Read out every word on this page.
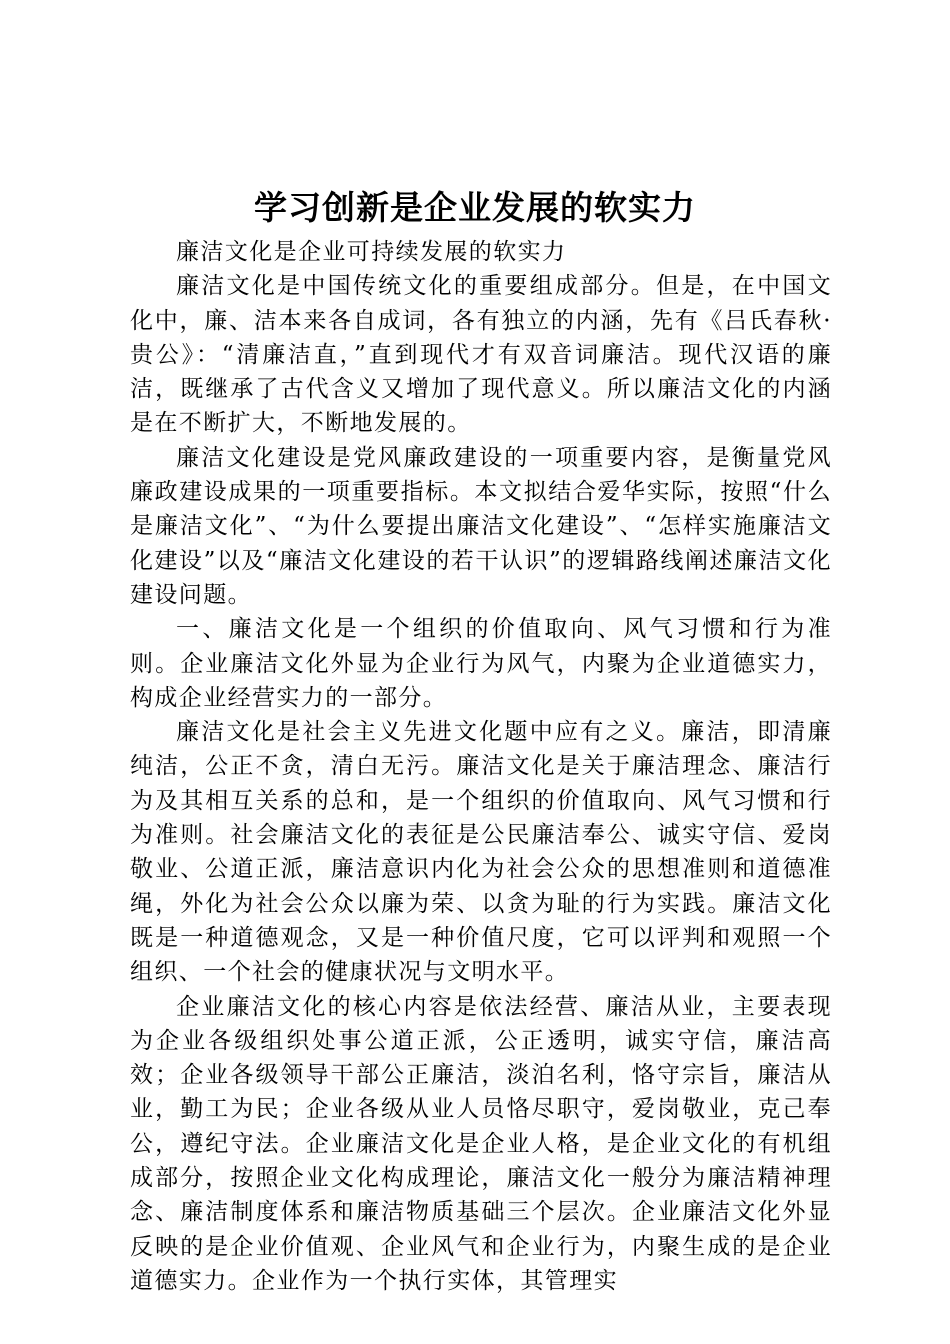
学习创新是企业发展的软实力

廉洁文化是企业可持续发展的软实力

廉洁文化是中国传统文化的重要组成部分。但是，在中国文化中，廉、洁本来各自成词，各有独立的内涵，先有《吕氏春秋·贵公》：“清廉洁直，”直到现代才有双音词廉洁。现代汉语的廉洁，既继承了古代含义又增加了现代意义。所以廉洁文化的内涵是在不断扩大，不断地发展的。

廉洁文化建设是党风廉政建设的一项重要内容，是衡量党风廉政建设成果的一项重要指标。本文拟结合爱华实际，按照“什么是廉洁文化”、“为什么要提出廉洁文化建设”、“怎样实施廉洁文化建设”以及“廉洁文化建设的若干认识”的逻辑路线阐述廉洁文化建设问题。

一、廉洁文化是一个组织的价值取向、风气习惯和行为准则。企业廉洁文化外显为企业行为风气，内聚为企业道德实力，构成企业经营实力的一部分。

廉洁文化是社会主义先进文化题中应有之义。廉洁，即清廉纯洁，公正不贪，清白无污。廉洁文化是关于廉洁理念、廉洁行为及其相互关系的总和，是一个组织的价值取向、风气习惯和行为准则。社会廉洁文化的表征是公民廉洁奉公、诚实守信、爱岗敬业、公道正派，廉洁意识内化为社会公众的思想准则和道德准绳，外化为社会公众以廉为荣、以贪为耻的行为实践。廉洁文化既是一种道德观念，又是一种价值尺度，它可以评判和观照一个组织、一个社会的健康状况与文明水平。

企业廉洁文化的核心内容是依法经营、廉洁从业，主要表现为企业各级组织处事公道正派，公正透明，诚实守信，廉洁高效；企业各级领导干部公正廉洁，淡泊名利，恪守宗旨，廉洁从业，勤工为民；企业各级从业人员恪尽职守，爱岗敬业，克己奉公，遵纪守法。企业廉洁文化是企业人格，是企业文化的有机组成部分，按照企业文化构成理论，廉洁文化一般分为廉洁精神理念、廉洁制度体系和廉洁物质基础三个层次。企业廉洁文化外显反映的是企业价值观、企业风气和企业行为，内聚生成的是企业道德实力。企业作为一个执行实体，其管理实
